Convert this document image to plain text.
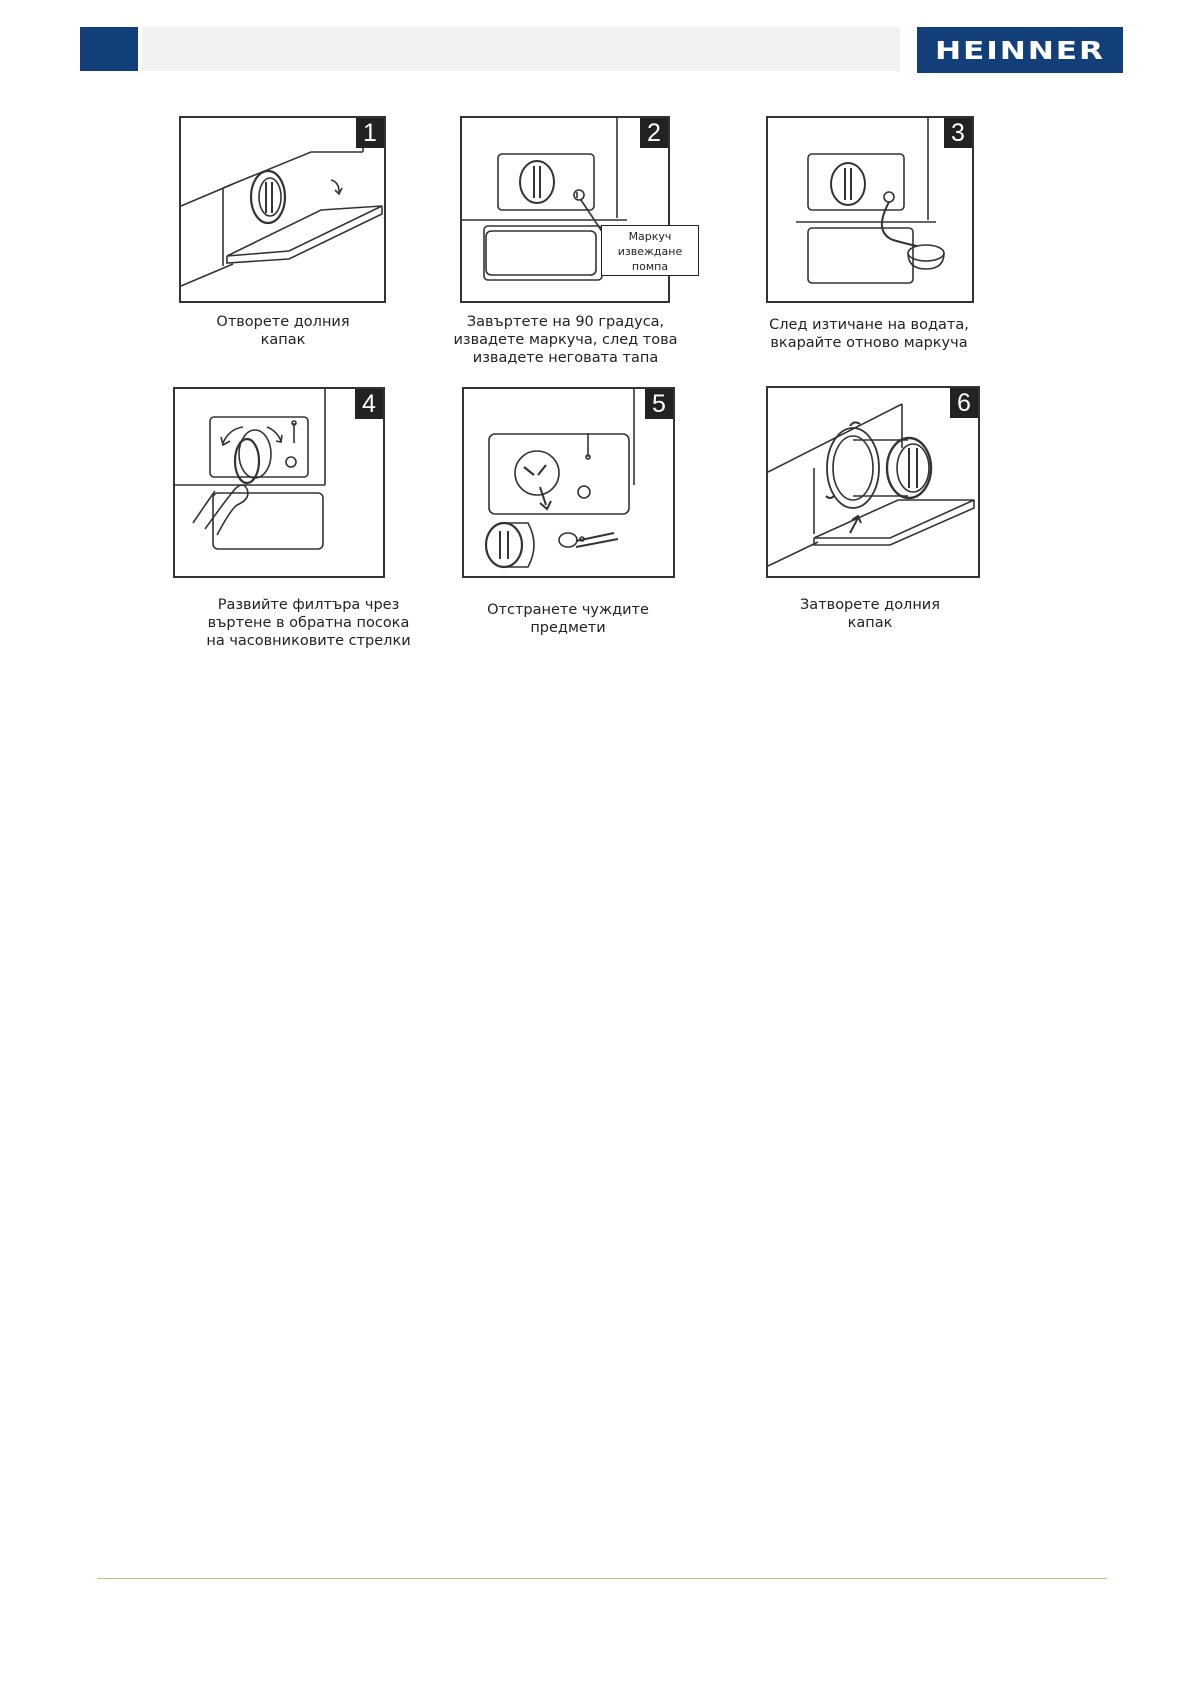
HEINNER
1
Отворете долния
капак
2
Маркуч
извеждане
помпа
Завъртете на 90 градуса,
извадете маркуча, след това
извадете неговата тапа
3
След изтичане на водата,
вкарайте отново маркуча
4
Развийте филтъра чрез
въртене в обратна посока
на часовниковите стрелки
5
Отстранете чуждите
предмети
6
Затворете долния
капак
